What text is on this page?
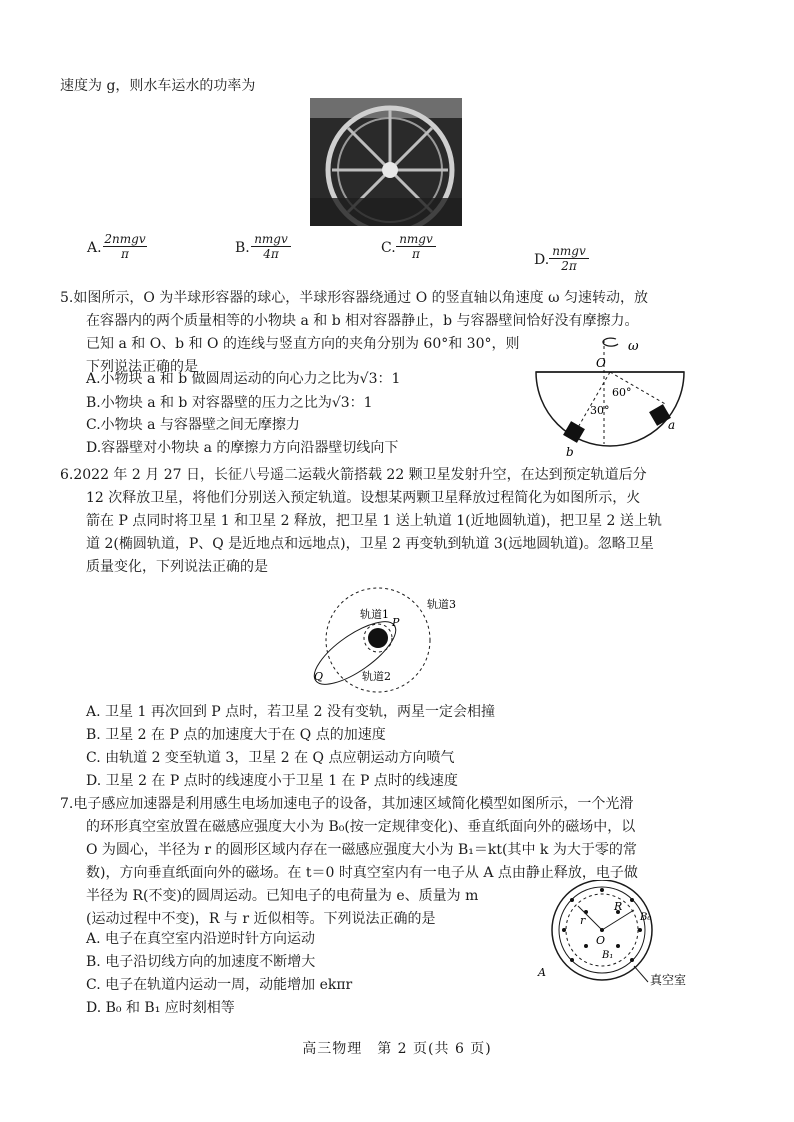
速度为 g，则水车运水的功率为
A.
2nmgv
π	B.
nmgv
4π	C.
nmgv
π	D.
nmgv
2π
5.如图所示，O 为半球形容器的球心，半球形容器绕通过 O 的竖直轴以角速度 ω 匀速转动，放
在容器内的两个质量相等的小物块 a 和 b 相对容器静止，b 与容器壁间恰好没有摩擦力。
已知 a 和 O、b 和 O 的连线与竖直方向的夹角分别为 60°和 30°，则
下列说法正确的是
A.小物块 a 和 b 做圆周运动的向心力之比为√3：1
B.小物块 a 和 b 对容器壁的压力之比为√3：1
C.小物块 a 与容器壁之间无摩擦力
D.容器壁对小物块 a 的摩擦力方向沿器壁切线向下
ω
O
60°
30°
a
b
6.2022 年 2 月 27 日，长征八号遥二运载火箭搭载 22 颗卫星发射升空，在达到预定轨道后分
12 次释放卫星，将他们分别送入预定轨道。设想某两颗卫星释放过程简化为如图所示，火
箭在 P 点同时将卫星 1 和卫星 2 释放，把卫星 1 送上轨道 1(近地圆轨道)，把卫星 2 送上轨
道 2(椭圆轨道，P、Q 是近地点和远地点)，卫星 2 再变轨到轨道 3(远地圆轨道)。忽略卫星
质量变化，下列说法正确的是
轨道1
轨道3
P
Q	轨道2
A. 卫星 1 再次回到 P 点时，若卫星 2 没有变轨，两星一定会相撞
B. 卫星 2 在 P 点的加速度大于在 Q 点的加速度
C. 由轨道 2 变至轨道 3，卫星 2 在 Q 点应朝运动方向喷气
D. 卫星 2 在 P 点时的线速度小于卫星 1 在 P 点时的线速度
7.电子感应加速器是利用感生电场加速电子的设备，其加速区域简化模型如图所示，一个光滑
的环形真空室放置在磁感应强度大小为 B₀(按一定规律变化)、垂直纸面向外的磁场中，以
O 为圆心，半径为 r 的圆形区域内存在一磁感应强度大小为 B₁＝kt(其中 k 为大于零的常
数)，方向垂直纸面向外的磁场。在 t＝0 时真空室内有一电子从 A 点由静止释放，电子做
半径为 R(不变)的圆周运动。已知电子的电荷量为 e、质量为 m
(运动过程中不变)，R 与 r 近似相等。下列说法正确的是
A. 电子在真空室内沿逆时针方向运动
B. 电子沿切线方向的加速度不断增大
C. 电子在轨道内运动一周，动能增加 ekπr
D. B₀ 和 B₁ 应时刻相等
r
R
O
B₁
B₀
A
真空室
高三物理　第 2 页(共 6 页)
